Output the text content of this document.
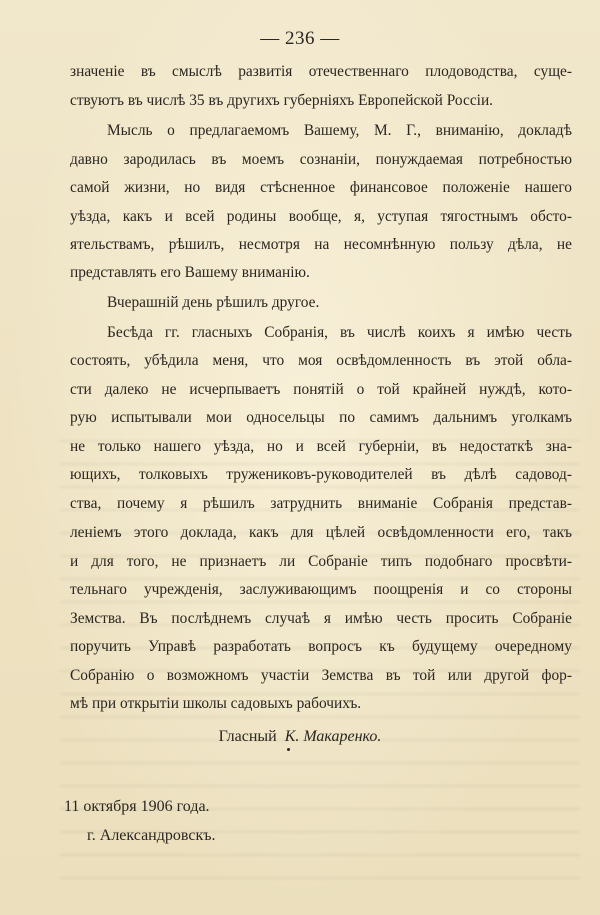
— 236 —
значеніе въ смыслѣ развитія отечественнаго плодоводства, суще-
ствуютъ въ числѣ 35 въ другихъ губерніяхъ Европейской Россіи.
Мысль о предлагаемомъ Вашему, М. Г., вниманію, докладѣ
давно зародилась въ моемъ сознаніи, понуждаемая потребностью
самой жизни, но видя стѣсненное финансовое положеніе нашего
уѣзда, какъ и всей родины вообще, я, уступая тягостнымъ обсто-
ятельствамъ, рѣшилъ, несмотря на несомнѣнную пользу дѣла, не
представлять его Вашему вниманію.
Вчерашній день рѣшилъ другое.
Бесѣда гг. гласныхъ Собранія, въ числѣ коихъ я имѣю честь
состоять, убѣдила меня, что моя освѣдомленность въ этой обла-
сти далеко не исчерпываетъ понятій о той крайней нуждѣ, кото-
рую испытывали мои односельцы по самимъ дальнимъ уголкамъ
не только нашего уѣзда, но и всей губерніи, въ недостаткѣ зна-
ющихъ, толковыхъ тружениковъ-руководителей въ дѣлѣ садовод-
ства, почему я рѣшилъ затруднить вниманіе Собранія представ-
леніемъ этого доклада, какъ для цѣлей освѣдомленности его, такъ
и для того, не признаетъ ли Собраніе типъ подобнаго просвѣти-
тельнаго учрежденія, заслуживающимъ поощренія и со стороны
Земства. Въ послѣднемъ случаѣ я имѣю честь просить Собраніе
поручить Управѣ разработать вопросъ къ будущему очередному
Собранію о возможномъ участіи Земства въ той или другой фор-
мѣ при открытіи школы садовыхъ рабочихъ.
Гласный К. Макаренко.
11 октября 1906 года.
г. Александровскъ.
